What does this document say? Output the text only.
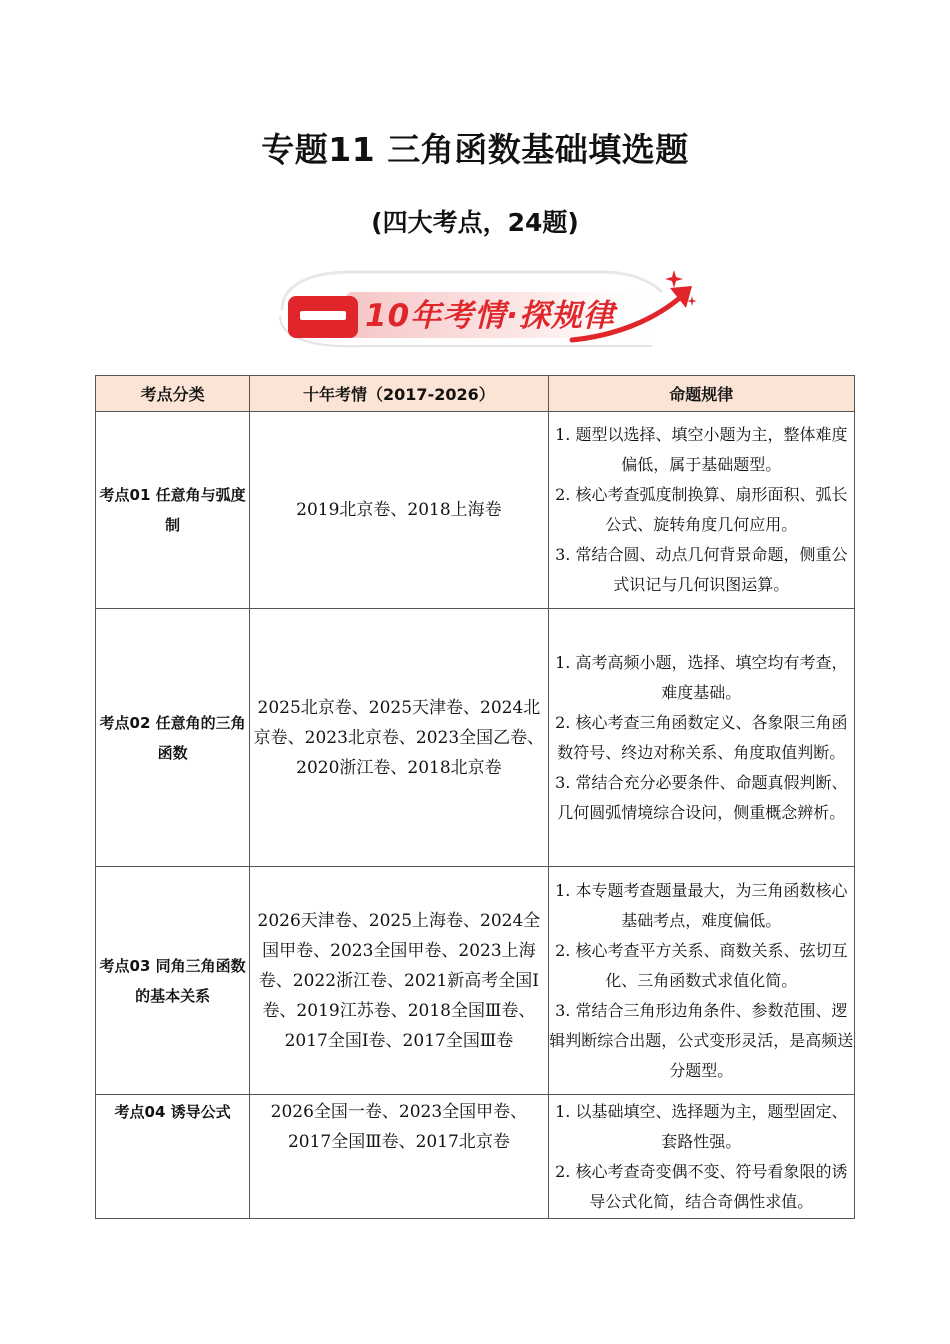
专题11 三角函数基础填选题
(四大考点，24题)
10年考情·探规律
考点分类	十年考情（2017-2026）	命题规律
考点01 任意角与弧度制	2019北京卷、2018上海卷	1. 题型以选择、填空小题为主，整体难度偏低，属于基础题型。
2. 核心考查弧度制换算、扇形面积、弧长公式、旋转角度几何应用。
3. 常结合圆、动点几何背景命题，侧重公式识记与几何识图运算。

考点02 任意角的三角函数	2025北京卷、2025天津卷、2024北京卷、2023北京卷、2023全国乙卷、2020浙江卷、2018北京卷	1. 高考高频小题，选择、填空均有考查，难度基础。
2. 核心考查三角函数定义、各象限三角函数符号、终边对称关系、角度取值判断。
3. 常结合充分必要条件、命题真假判断、几何圆弧情境综合设问，侧重概念辨析。

考点03 同角三角函数的基本关系	2026天津卷、2025上海卷、2024全国甲卷、2023全国甲卷、2023上海卷、2022浙江卷、2021新高考全国Ⅰ卷、2019江苏卷、2018全国Ⅲ卷、2017全国Ⅰ卷、2017全国Ⅲ卷	1. 本专题考查题量最大，为三角函数核心基础考点，难度偏低。
2. 核心考查平方关系、商数关系、弦切互化、三角函数式求值化简。
3. 常结合三角形边角条件、参数范围、逻辑判断综合出题，公式变形灵活，是高频送分题型。

考点04 诱导公式	2026全国一卷、2023全国甲卷、2017全国Ⅲ卷、2017北京卷	1. 以基础填空、选择题为主，题型固定、套路性强。
2. 核心考查奇变偶不变、符号看象限的诱导公式化简，结合奇偶性求值。
